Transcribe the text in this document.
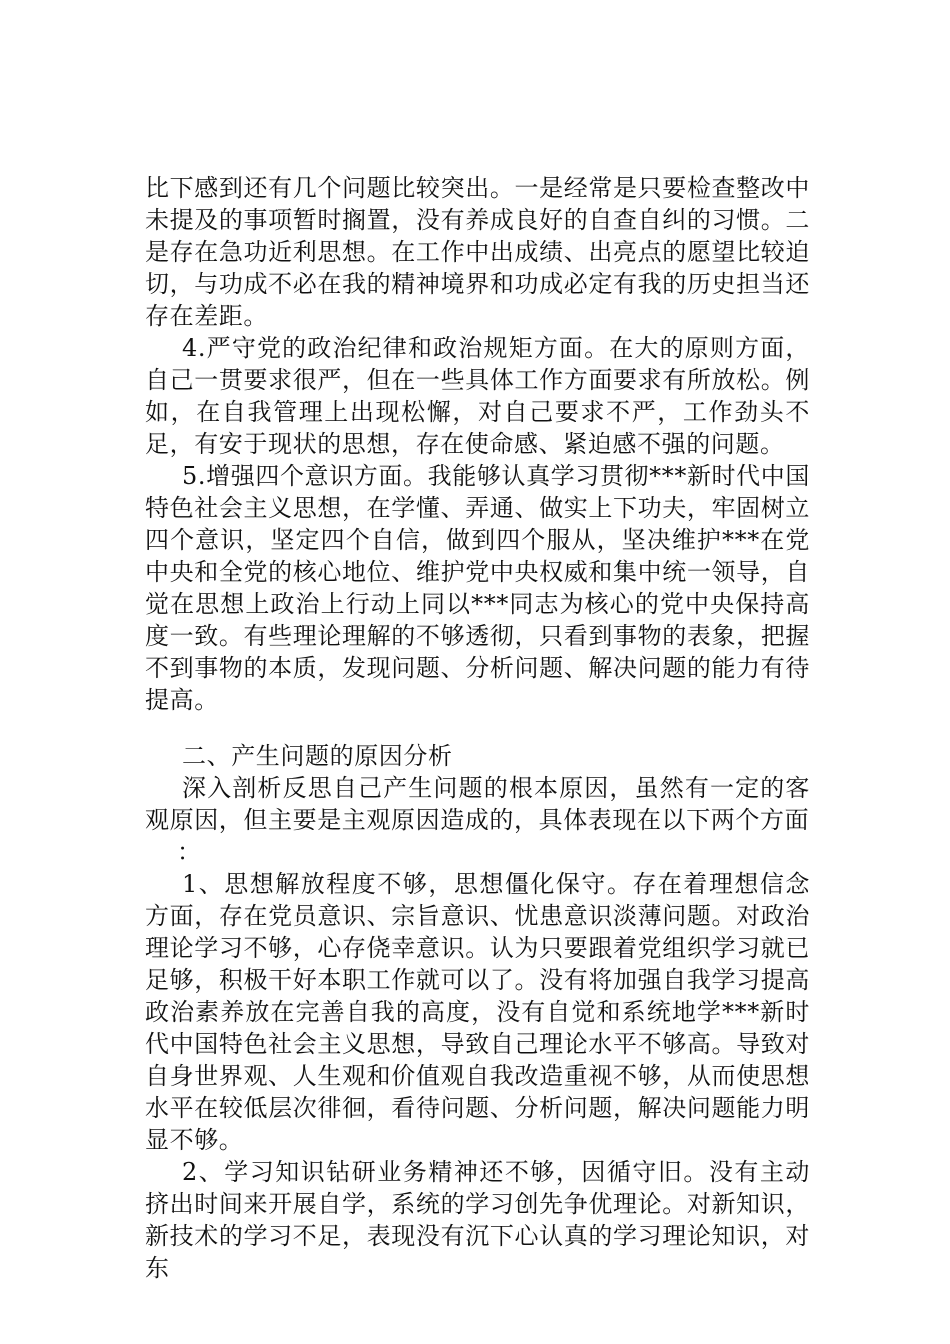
比下感到还有几个问题比较突出。一是经常是只要检查整改中未提及的事项暂时搁置，没有养成良好的自查自纠的习惯。二是存在急功近利思想。在工作中出成绩、出亮点的愿望比较迫切，与功成不必在我的精神境界和功成必定有我的历史担当还存在差距。

4.严守党的政治纪律和政治规矩方面。在大的原则方面，自己一贯要求很严，但在一些具体工作方面要求有所放松。例如，在自我管理上出现松懈，对自己要求不严，工作劲头不足，有安于现状的思想，存在使命感、紧迫感不强的问题。

5.增强四个意识方面。我能够认真学习贯彻***新时代中国特色社会主义思想，在学懂、弄通、做实上下功夫，牢固树立四个意识，坚定四个自信，做到四个服从，坚决维护***在党中央和全党的核心地位、维护党中央权威和集中统一领导，自觉在思想上政治上行动上同以***同志为核心的党中央保持高度一致。有些理论理解的不够透彻，只看到事物的表象，把握不到事物的本质，发现问题、分析问题、解决问题的能力有待提高。

二、产生问题的原因分析

深入剖析反思自己产生问题的根本原因，虽然有一定的客观原因，但主要是主观原因造成的，具体表现在以下两个方面

：

1、思想解放程度不够，思想僵化保守。存在着理想信念方面，存在党员意识、宗旨意识、忧患意识淡薄问题。对政治理论学习不够，心存侥幸意识。认为只要跟着党组织学习就已足够，积极干好本职工作就可以了。没有将加强自我学习提高政治素养放在完善自我的高度，没有自觉和系统地学***新时代中国特色社会主义思想，导致自己理论水平不够高。导致对自身世界观、人生观和价值观自我改造重视不够，从而使思想水平在较低层次徘徊，看待问题、分析问题，解决问题能力明显不够。

2、学习知识钻研业务精神还不够，因循守旧。没有主动挤出时间来开展自学，系统的学习创先争优理论。对新知识，新技术的学习不足，表现没有沉下心认真的学习理论知识，对东
